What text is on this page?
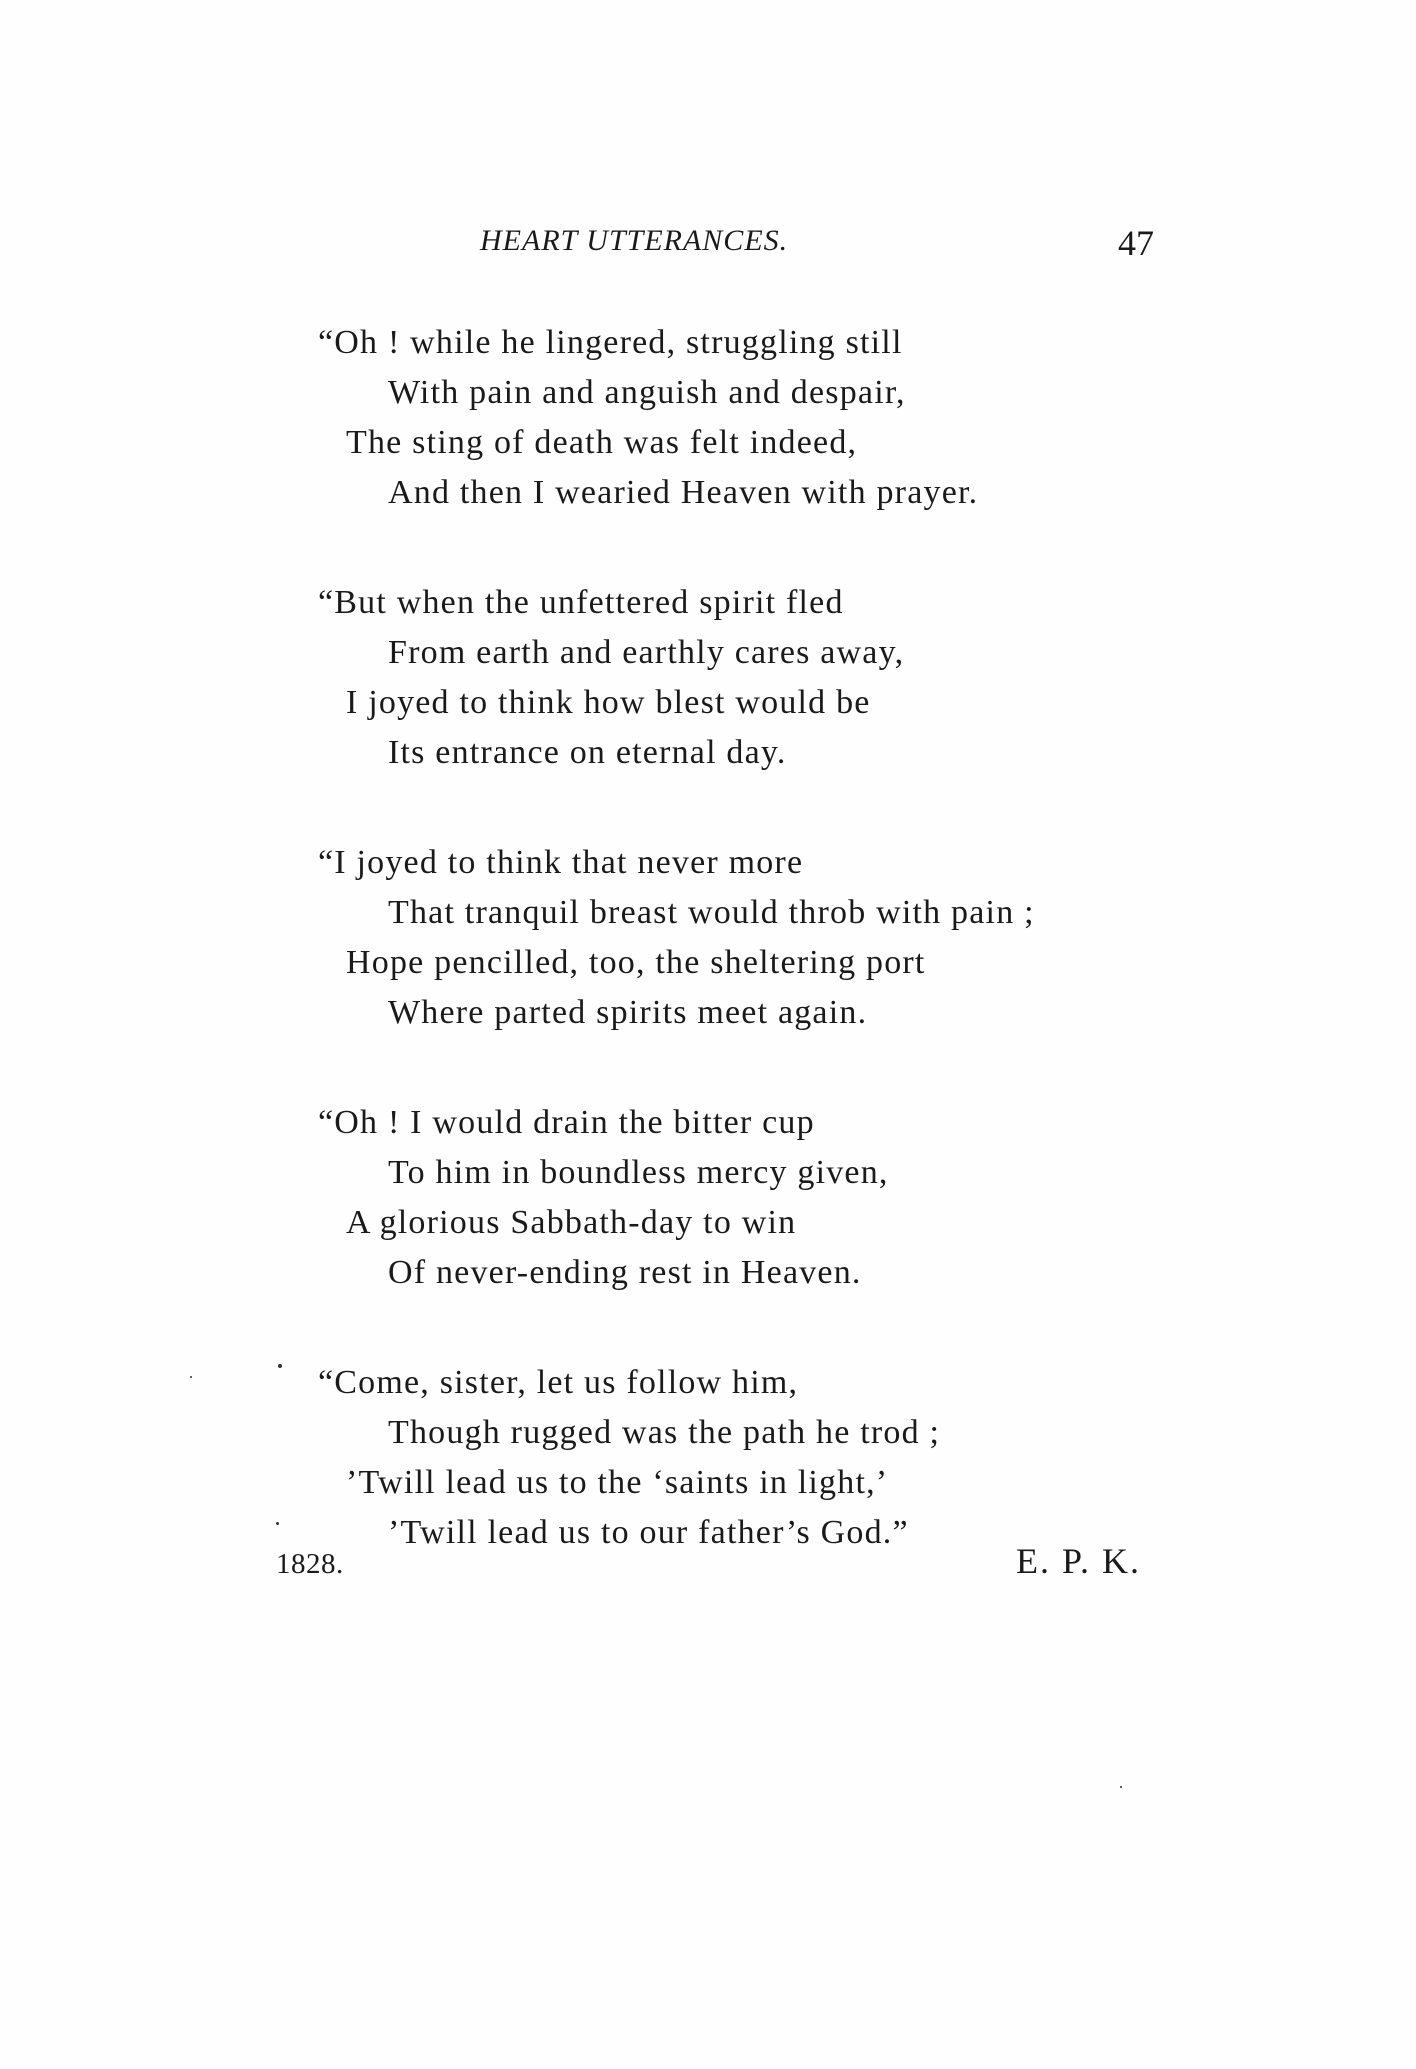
HEART UTTERANCES.	47
“Oh ! while he lingered, struggling still
With pain and anguish and despair,
The sting of death was felt indeed,
And then I wearied Heaven with prayer.
“But when the unfettered spirit fled
From earth and earthly cares away,
I joyed to think how blest would be
Its entrance on eternal day.
“I joyed to think that never more
That tranquil breast would throb with pain ;
Hope pencilled, too, the sheltering port
Where parted spirits meet again.
“Oh ! I would drain the bitter cup
To him in boundless mercy given,
A glorious Sabbath-day to win
Of never-ending rest in Heaven.
“Come, sister, let us follow him,
Though rugged was the path he trod ;
’Twill lead us to the ‘saints in light,’
’Twill lead us to our father’s God.”
1828.	E. P. K.
